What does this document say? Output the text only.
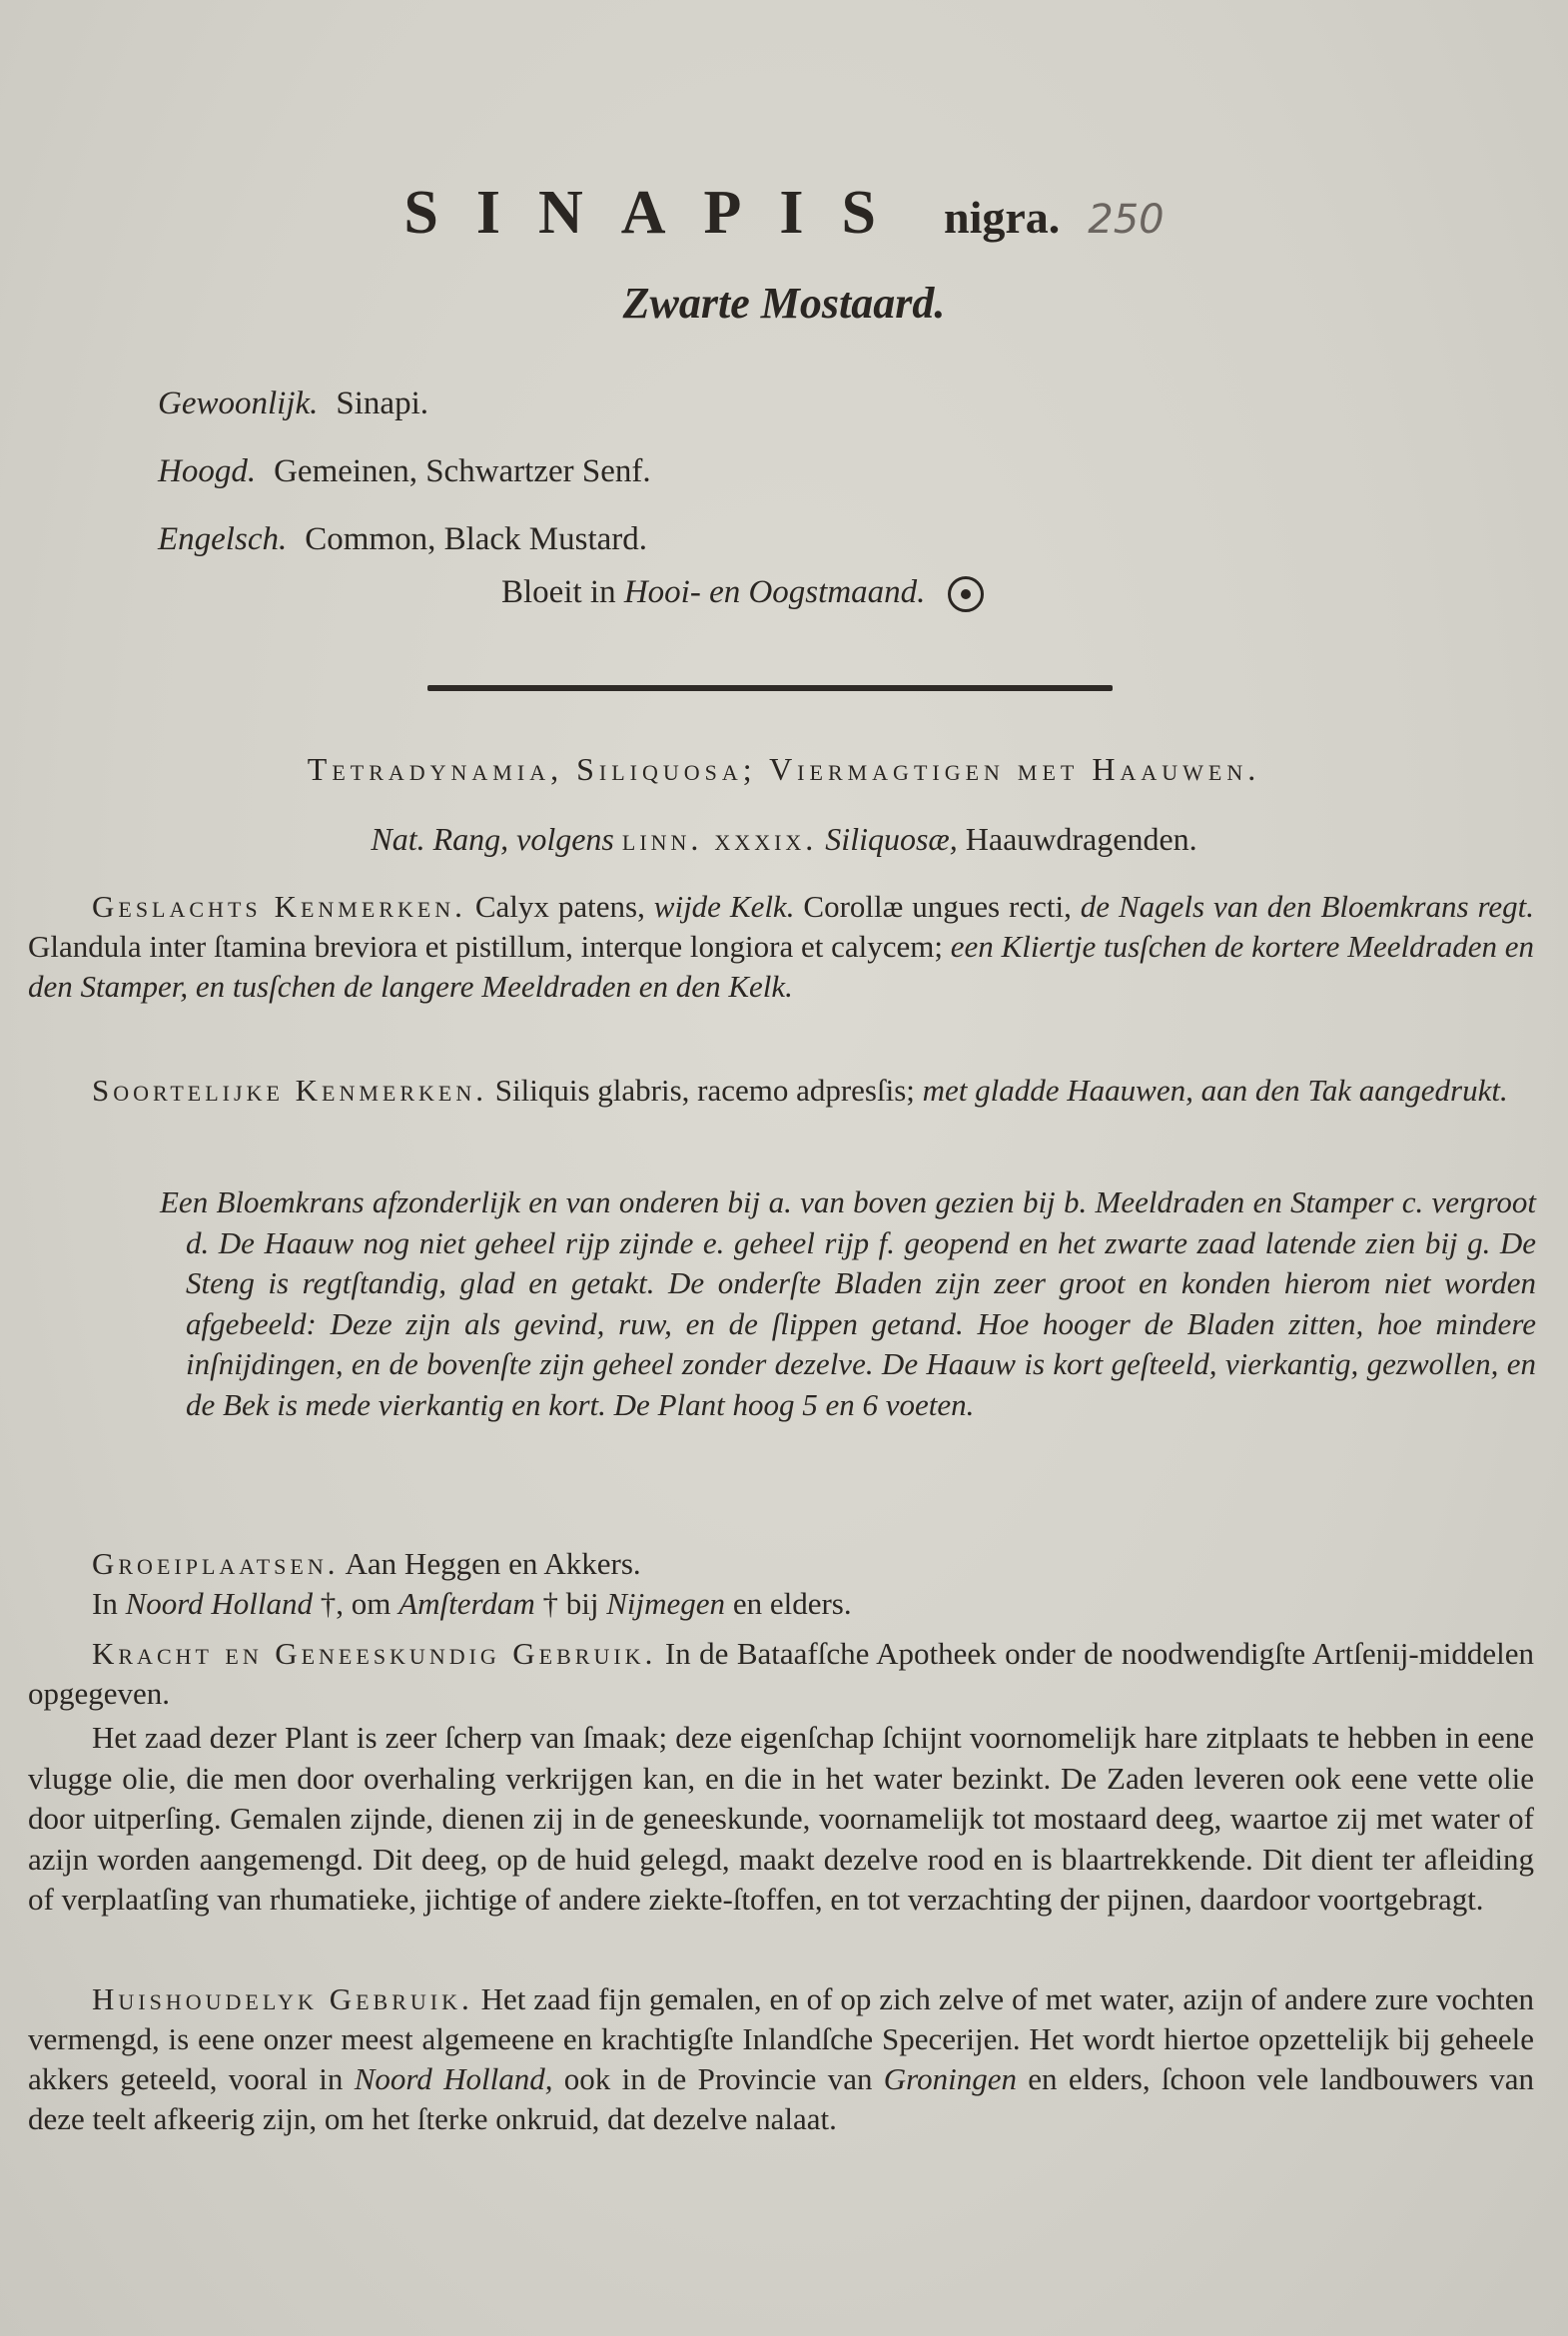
SINAPIS nigra. 250
Zwarte Mostaard.
Gewoonlijk. Sinapi.
Hoogd. Gemeinen, Schwartzer Senf.
Engelsch. Common, Black Mustard.
Bloeit in Hooi- en Oogstmaand.
Tetradynamia, Siliquosa; Viermagtigen met Haauwen.
Nat. Rang, volgens linn. xxxix. Siliquosæ, Haauwdragenden.
Geslachts Kenmerken. Calyx patens, wijde Kelk. Corollæ ungues recti, de Nagels van den Bloemkrans regt. Glandula inter ſtamina breviora et pistillum, interque longiora et calycem; een Kliertje tusſchen de kortere Meeldraden en den Stamper, en tusſchen de langere Meeldraden en den Kelk.
Soortelijke Kenmerken. Siliquis glabris, racemo adpresſis; met gladde Haauwen, aan den Tak aangedrukt.
Een Bloemkrans afzonderlijk en van onderen bij a. van boven gezien bij b. Meeldraden en Stamper c. vergroot d. De Haauw nog niet geheel rijp zijnde e. geheel rijp f. geopend en het zwarte zaad latende zien bij g. De Steng is regtſtandig, glad en getakt. De onderſte Bladen zijn zeer groot en konden hierom niet worden afgebeeld: Deze zijn als gevind, ruw, en de ſlippen getand. Hoe hooger de Bladen zitten, hoe mindere inſnijdingen, en de bovenſte zijn geheel zonder dezelve. De Haauw is kort geſteeld, vierkantig, gezwollen, en de Bek is mede vierkantig en kort. De Plant hoog 5 en 6 voeten.
Groeiplaatsen. Aan Heggen en Akkers.
In Noord Holland †, om Amſterdam † bij Nijmegen en elders.
Kracht en Geneeskundig Gebruik. In de Bataafſche Apotheek onder de noodwendigſte Artſenij-middelen opgegeven.
Het zaad dezer Plant is zeer ſcherp van ſmaak; deze eigenſchap ſchijnt voornomelijk hare zitplaats te hebben in eene vlugge olie, die men door overhaling verkrijgen kan, en die in het water bezinkt. De Zaden leveren ook eene vette olie door uitperſing. Gemalen zijnde, dienen zij in de geneeskunde, voornamelijk tot mostaard deeg, waartoe zij met water of azijn worden aangemengd. Dit deeg, op de huid gelegd, maakt dezelve rood en is blaartrekkende. Dit dient ter afleiding of verplaatſing van rhumatieke, jichtige of andere ziekte-ſtoffen, en tot verzachting der pijnen, daardoor voortgebragt.
Huishoudelyk Gebruik. Het zaad fijn gemalen, en of op zich zelve of met water, azijn of andere zure vochten vermengd, is eene onzer meest algemeene en krachtigſte Inlandſche Specerijen. Het wordt hiertoe opzettelijk bij geheele akkers geteeld, vooral in Noord Holland, ook in de Provincie van Groningen en elders, ſchoon vele landbouwers van deze teelt afkeerig zijn, om het ſterke onkruid, dat dezelve nalaat.
